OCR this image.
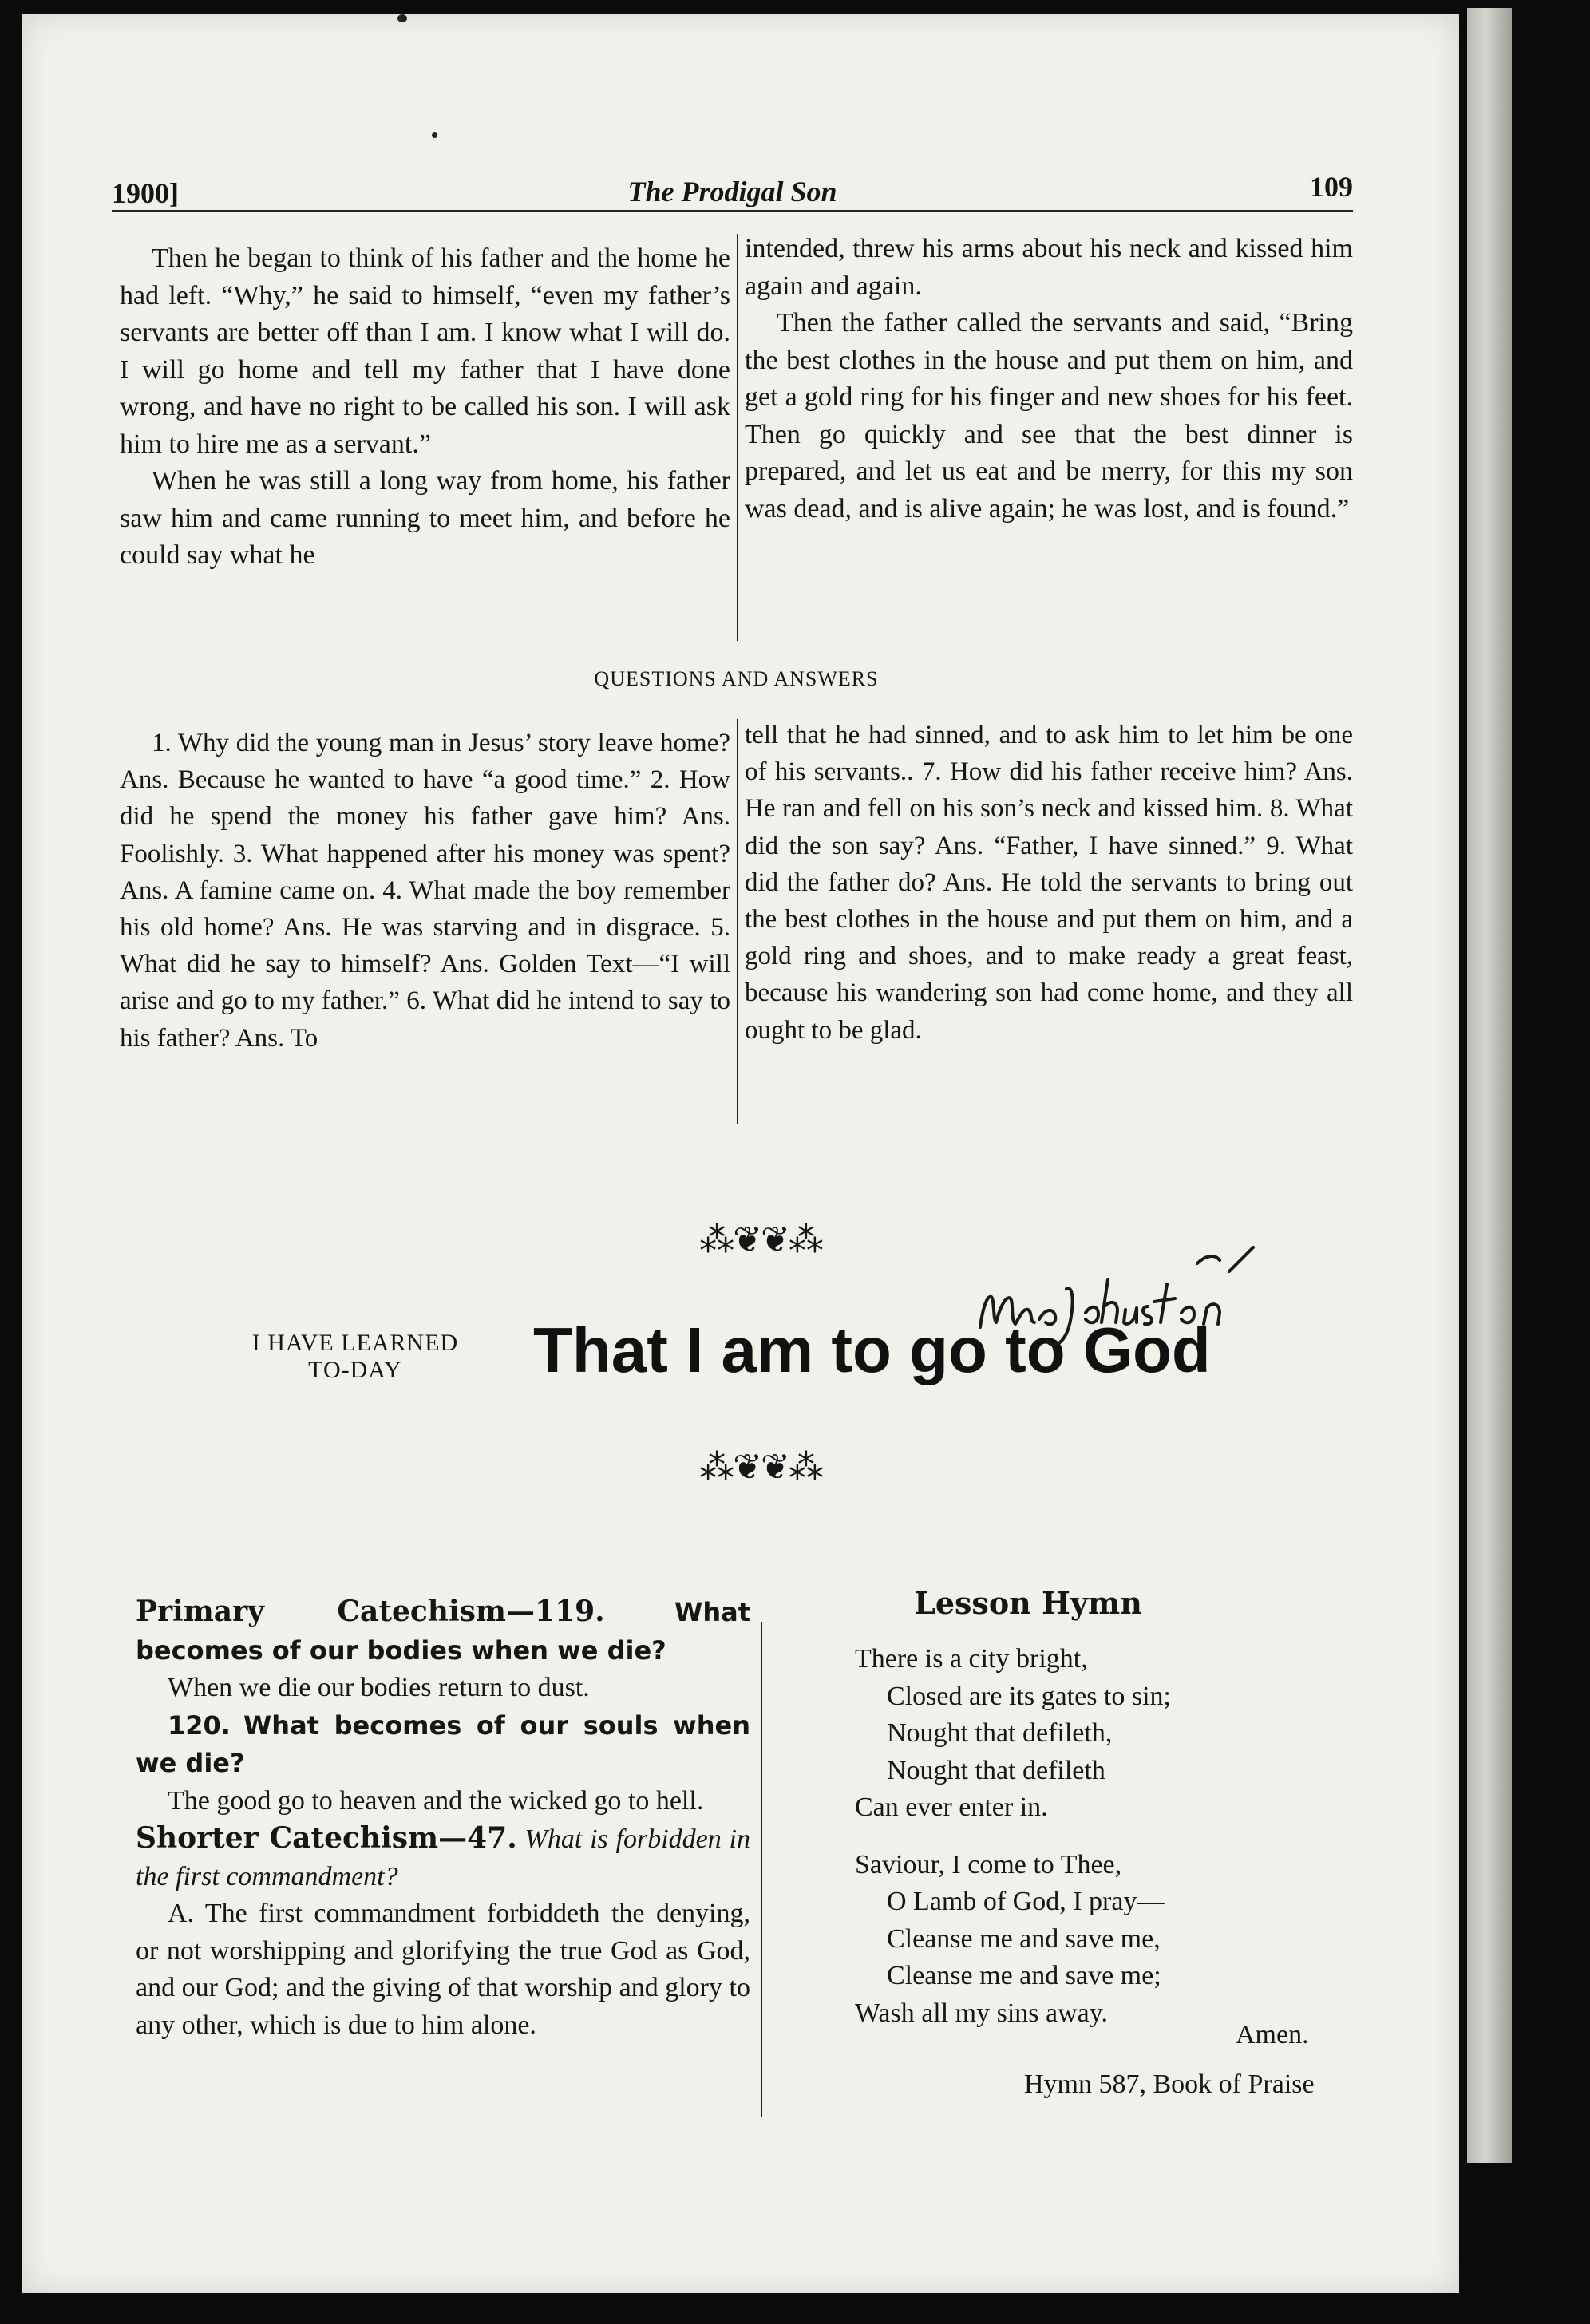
1900]	The Prodigal Son	109

Then he began to think of his father and the home he had left. “Why,” he said to himself, “even my father’s servants are better off than I am. I know what I will do. I will go home and tell my father that I have done wrong, and have no right to be called his son. I will ask him to hire me as a servant.”

When he was still a long way from home, his father saw him and came running to meet him, and before he could say what he

intended, threw his arms about his neck and kissed him again and again.

Then the father called the servants and said, “Bring the best clothes in the house and put them on him, and get a gold ring for his finger and new shoes for his feet. Then go quickly and see that the best dinner is prepared, and let us eat and be merry, for this my son was dead, and is alive again; he was lost, and is found.”

QUESTIONS AND ANSWERS

1. Why did the young man in Jesus’ story leave home? Ans. Because he wanted to have “a good time.” 2. How did he spend the money his father gave him? Ans. Foolishly. 3. What happened after his money was spent? Ans. A famine came on. 4. What made the boy remember his old home? Ans. He was starving and in disgrace. 5. What did he say to himself? Ans. Golden Text—“I will arise and go to my father.” 6. What did he intend to say to his father? Ans. To

tell that he had sinned, and to ask him to let him be one of his servants.. 7. How did his father receive him? Ans. He ran and fell on his son’s neck and kissed him. 8. What did the son say? Ans. “Father, I have sinned.” 9. What did the father do? Ans. He told the servants to bring out the best clothes in the house and put them on him, and a gold ring and shoes, and to make ready a great feast, because his wandering son had come home, and they all ought to be glad.

⁂❦❦⁂
I HAVE LEARNED
TO-DAY	That I am to go to God
⁂❦❦⁂

Primary Catechism—119.	What becomes of our bodies when we die?

When we die our bodies return to dust.

120. What becomes of our souls when we die?

The good go to heaven and the wicked go to hell.

Shorter Catechism—47. What is forbidden in the first commandment?

A. The first commandment forbiddeth the denying, or not worshipping and glorifying the true God as God, and our God; and the giving of that worship and glory to any other, which is due to him alone.

Lesson Hymn
There is a city bright,
Closed are its gates to sin;
Nought that defileth,
Nought that defileth
Can ever enter in.
Saviour, I come to Thee,
O Lamb of God, I pray—
Cleanse me and save me,
Cleanse me and save me;
Wash all my sins away.
Amen.
Hymn 587, Book of Praise
